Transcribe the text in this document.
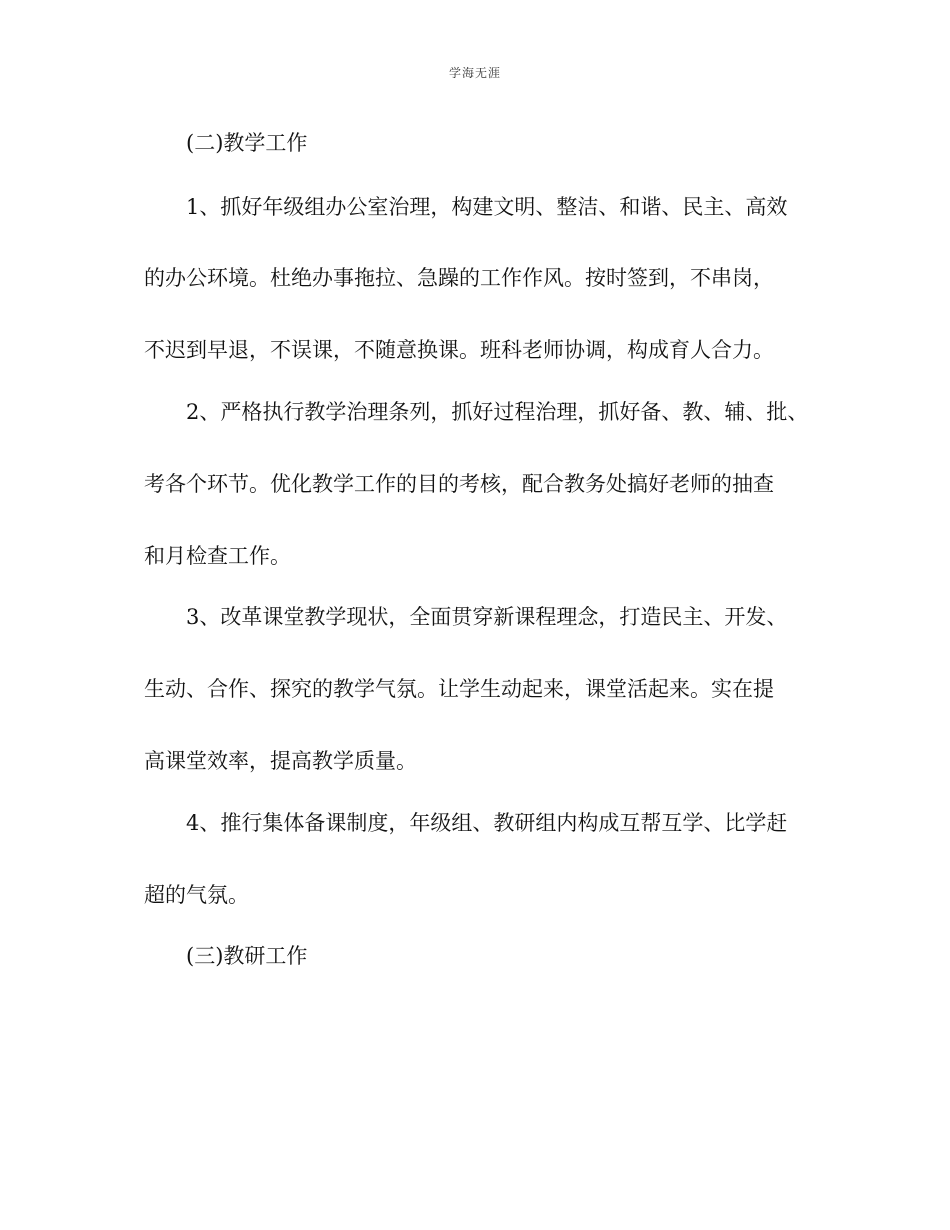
学海无涯
(二)教学工作
1、抓好年级组办公室治理，构建文明、整洁、和谐、民主、高效
的办公环境。杜绝办事拖拉、急躁的工作作风。按时签到，不串岗，
不迟到早退，不误课，不随意换课。班科老师协调，构成育人合力。
2、严格执行教学治理条列，抓好过程治理，抓好备、教、辅、批、
考各个环节。优化教学工作的目的考核，配合教务处搞好老师的抽查
和月检查工作。
3、改革课堂教学现状，全面贯穿新课程理念，打造民主、开发、
生动、合作、探究的教学气氛。让学生动起来，课堂活起来。实在提
高课堂效率，提高教学质量。
4、推行集体备课制度，年级组、教研组内构成互帮互学、比学赶
超的气氛。
(三)教研工作
